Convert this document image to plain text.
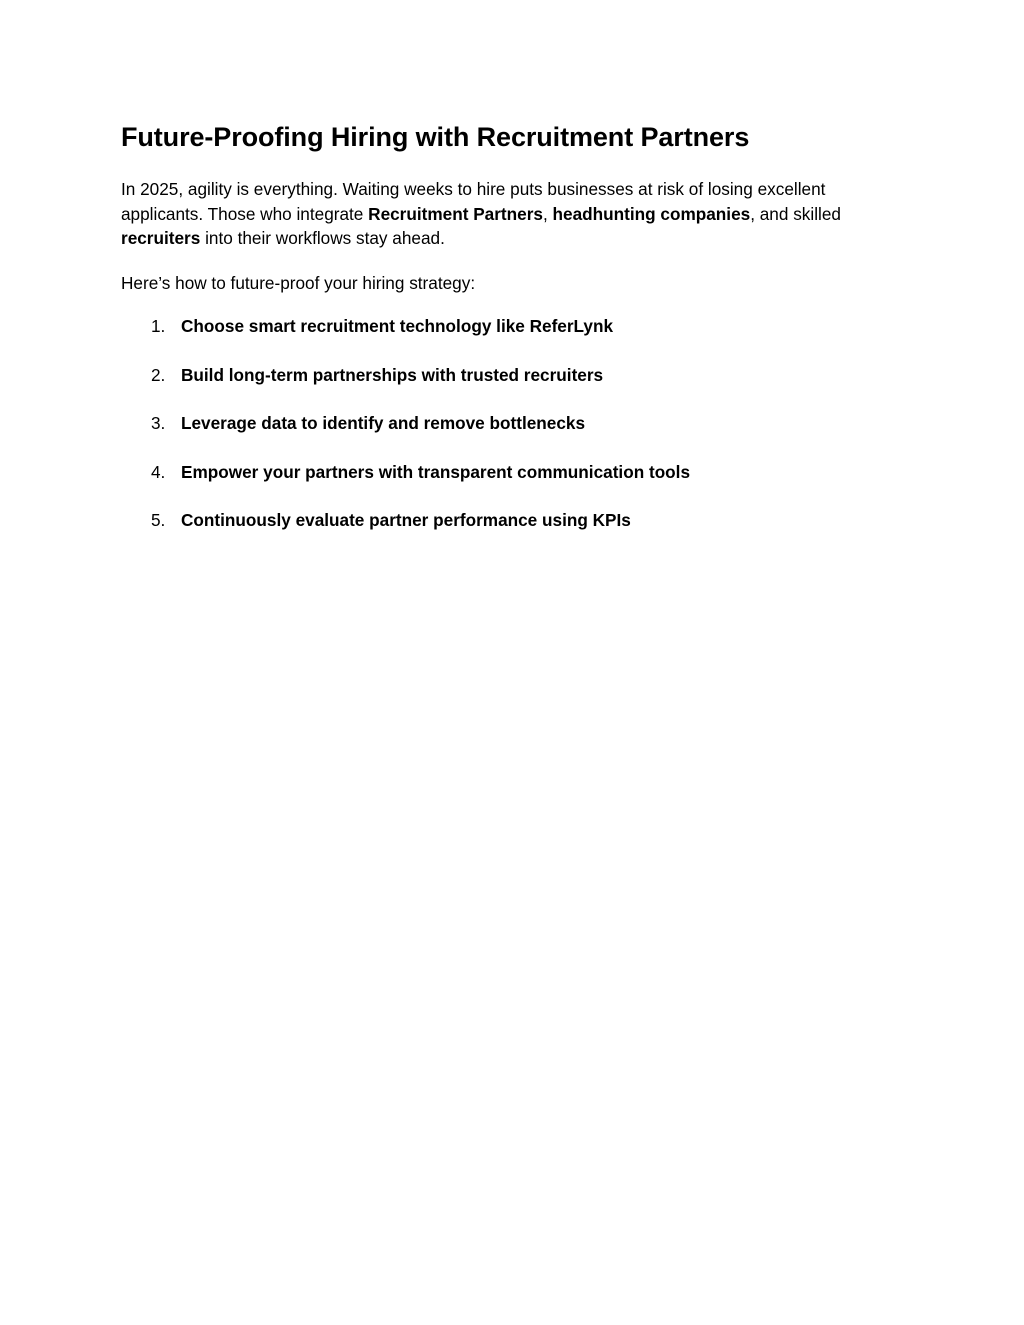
Future-Proofing Hiring with Recruitment Partners

In 2025, agility is everything. Waiting weeks to hire puts businesses at risk of losing excellent applicants. Those who integrate Recruitment Partners, headhunting companies, and skilled recruiters into their workflows stay ahead.

Here’s how to future-proof your hiring strategy:

1. Choose smart recruitment technology like ReferLynk
2. Build long-term partnerships with trusted recruiters
3. Leverage data to identify and remove bottlenecks
4. Empower your partners with transparent communication tools
5. Continuously evaluate partner performance using KPIs
